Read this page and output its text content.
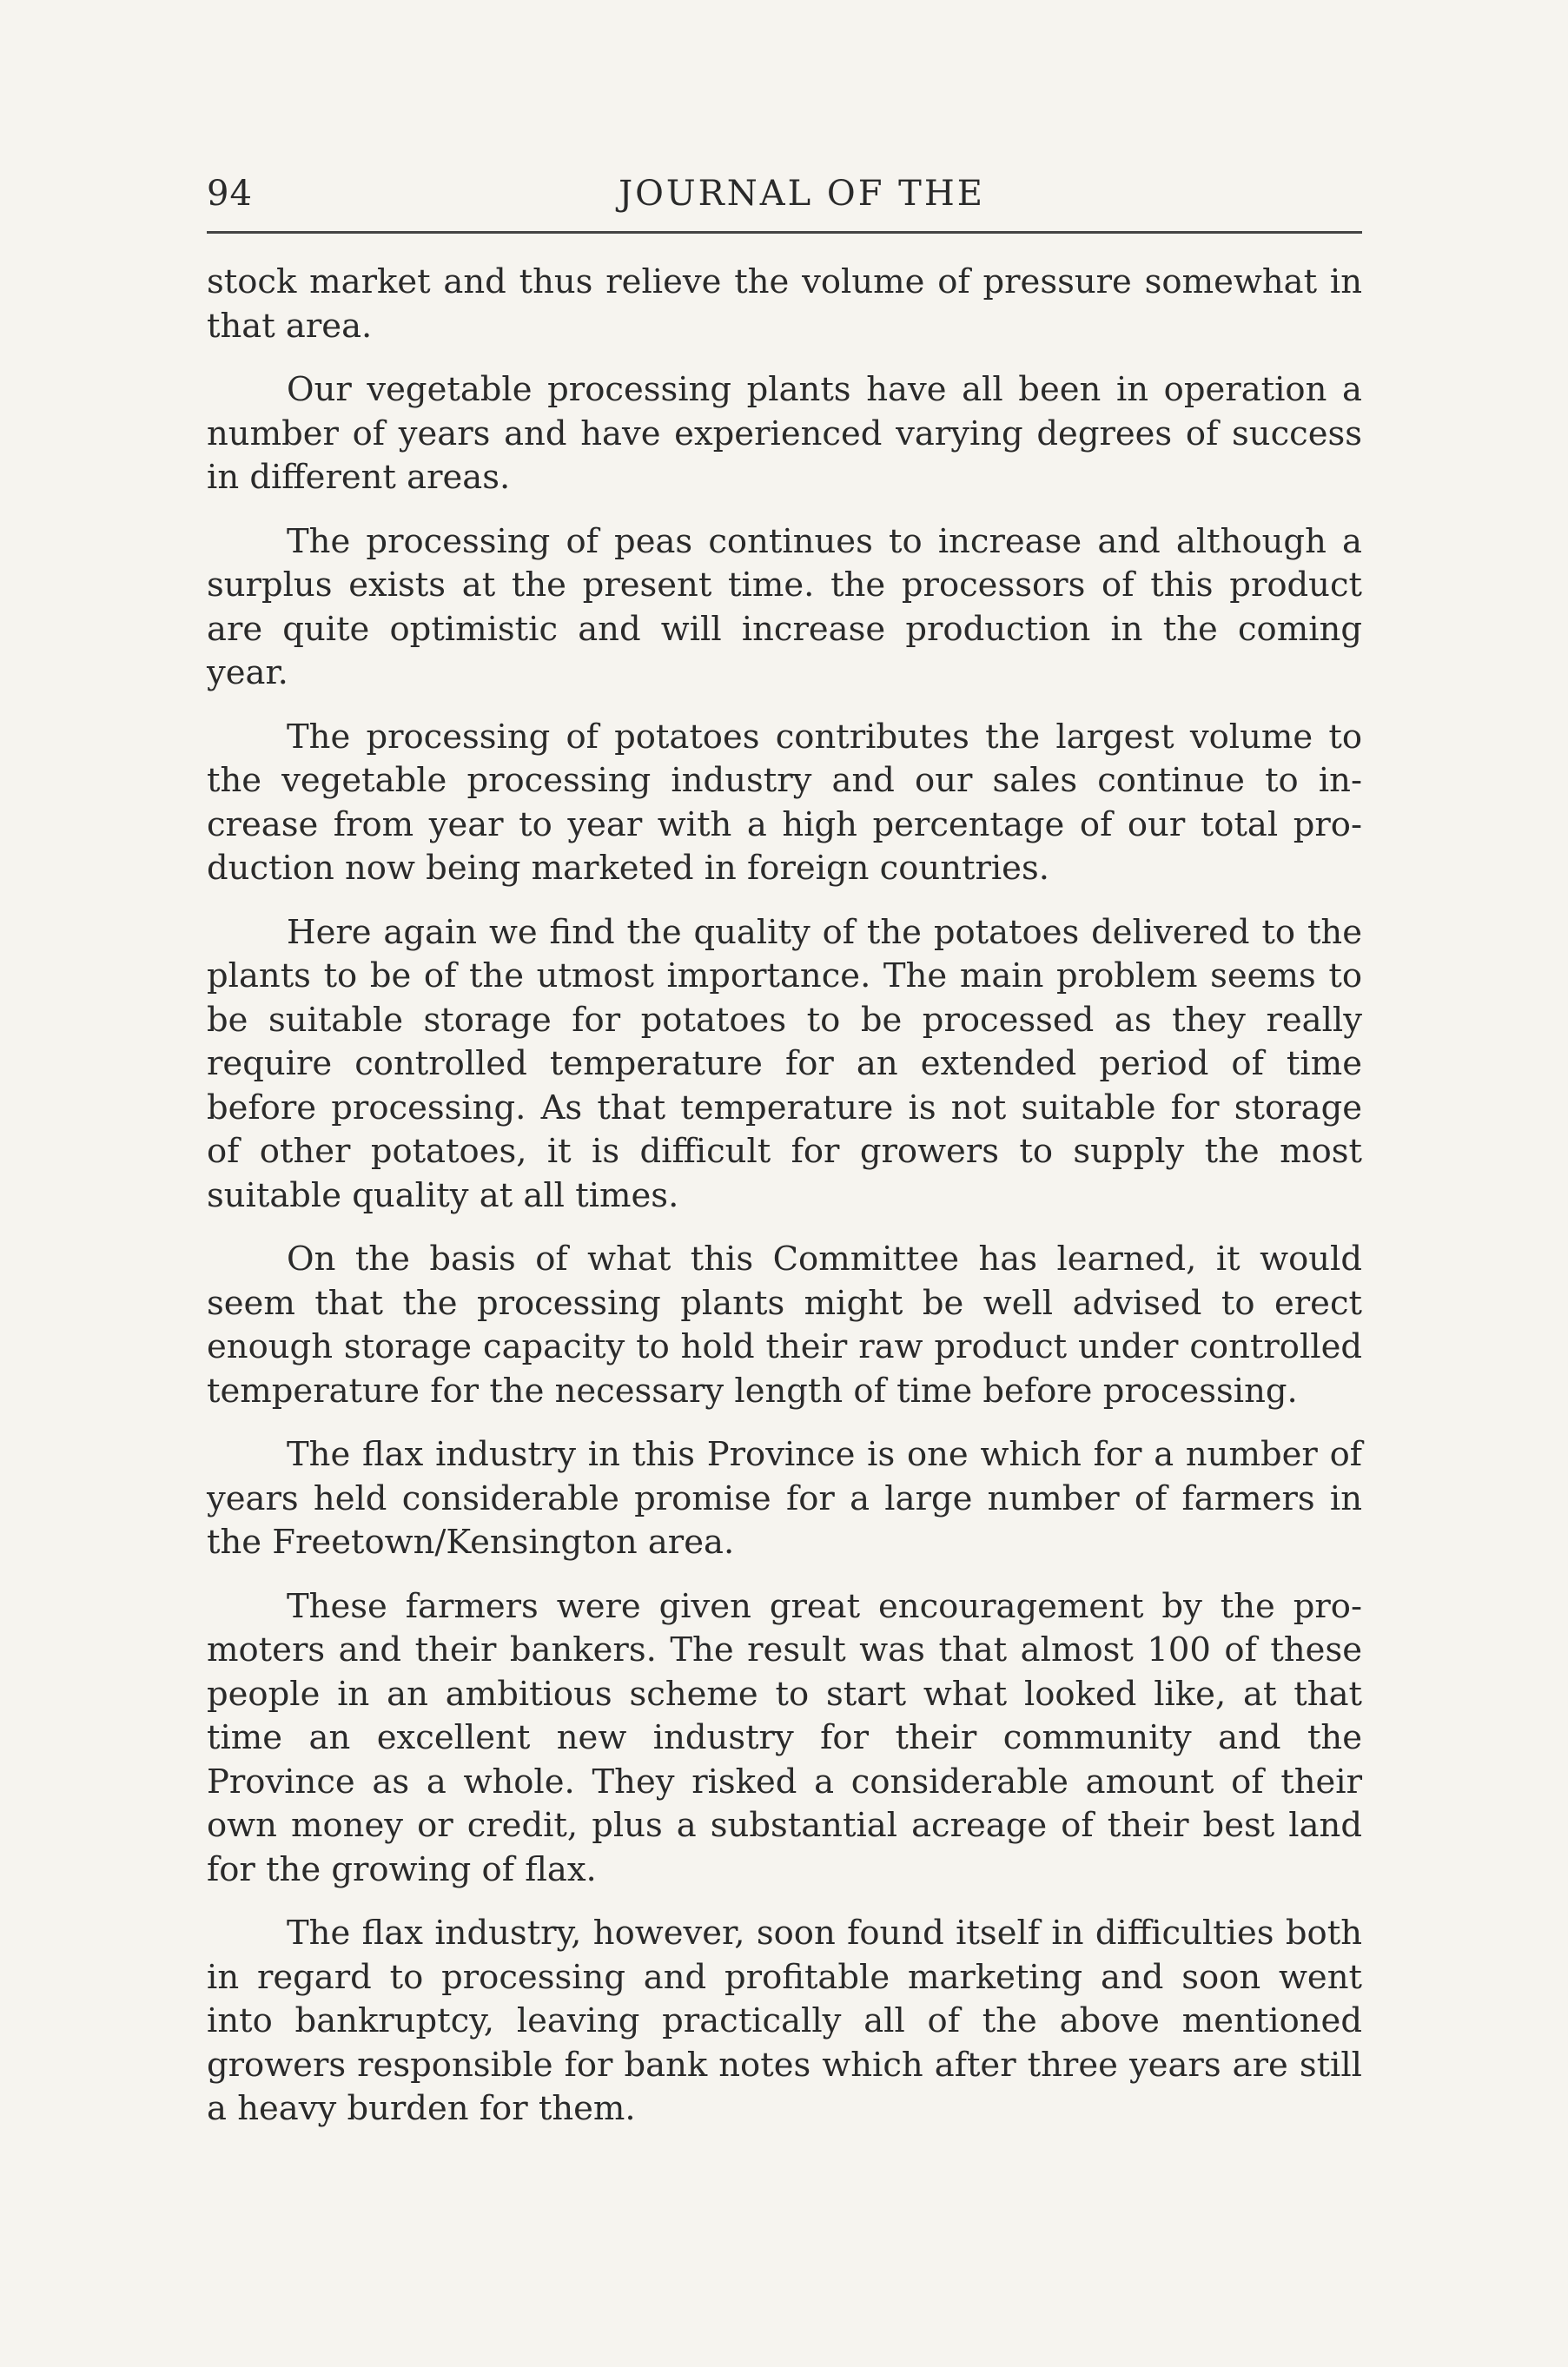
JOURNAL OF THE
94

stock market and thus relieve the volume of pressure somewhat in that area.

Our vegetable processing plants have all been in operation a number of years and have experienced varying degrees of success in different areas.

The processing of peas continues to increase and although a surplus exists at the present time. the processors of this product are quite optimistic and will increase production in the coming year.

The processing of potatoes contributes the largest volume to the vegetable processing industry and our sales continue to increase from year to year with a high percentage of our total production now being marketed in foreign countries.

Here again we find the quality of the potatoes delivered to the plants to be of the utmost importance. The main problem seems to be suitable storage for potatoes to be processed as they really require controlled temperature for an extended period of time before processing. As that temperature is not suitable for storage of other potatoes, it is difficult for growers to supply the most suitable quality at all times.

On the basis of what this Committee has learned, it would seem that the processing plants might be well advised to erect enough storage capacity to hold their raw product under controlled temperature for the necessary length of time before processing.

The flax industry in this Province is one which for a number of years held considerable promise for a large number of farmers in the Freetown/Kensington area.

These farmers were given great encouragement by the promoters and their bankers. The result was that almost 100 of these people in an ambitious scheme to start what looked like, at that time an excellent new industry for their community and the Province as a whole. They risked a considerable amount of their own money or credit, plus a substantial acreage of their best land for the growing of flax.

The flax industry, however, soon found itself in difficulties both in regard to processing and profitable marketing and soon went into bankruptcy, leaving practically all of the above mentioned growers responsible for bank notes which after three years are still a heavy burden for them.
